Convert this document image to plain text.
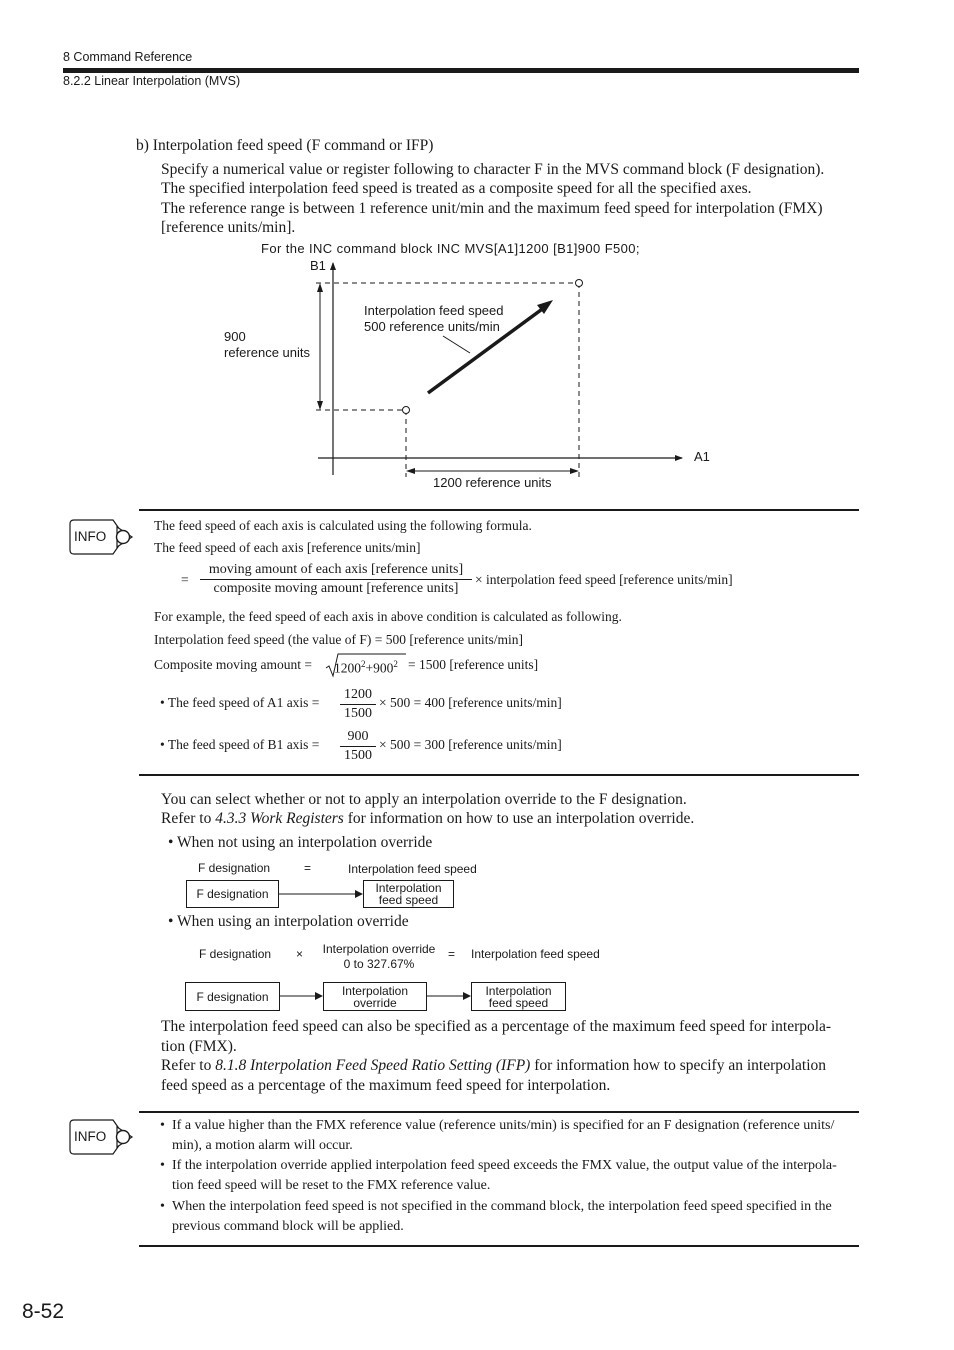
8 Command Reference
8.2.2 Linear Interpolation (MVS)
b) Interpolation feed speed (F command or IFP)
Specify a numerical value or register following to character F in the MVS command block (F designation).
The specified interpolation feed speed is treated as a composite speed for all the specified axes.
The reference range is between 1 reference unit/min and the maximum feed speed for interpolation (FMX)
[reference units/min].
For the INC command block INC MVS[A1]1200 [B1]900 F500;
B1
A1
Interpolation feed speed
500 reference units/min
900
reference units
1200 reference units
INFO
The feed speed of each axis is calculated using the following formula.
The feed speed of each axis [reference units/min]
=
moving amount of each axis [reference units]
composite moving amount [reference units]
× interpolation feed speed [reference units/min]
For example, the feed speed of each axis in above condition is calculated as following.
Interpolation feed speed (the value of F) = 500 [reference units/min]
Composite moving amount = $1200^2+900^2 = 1500$ [reference units]
• The feed speed of A1 axis =
1200
1500
× 500 = 400 [reference units/min]
• The feed speed of B1 axis =
900
1500
× 500 = 300 [reference units/min]
You can select whether or not to apply an interpolation override to the F designation.
Refer to 4.3.3 Work Registers for information on how to use an interpolation override.
• When not using an interpolation override
F designation	=	Interpolation feed speed
F designation	Interpolation
feed speed
• When using an interpolation override
F designation × Interpolation override
0 to 327.67%
= Interpolation feed speed
F designation	Interpolation
override
Interpolation
feed speed
The interpolation feed speed can also be specified as a percentage of the maximum feed speed for interpola-
tion (FMX).
Refer to 8.1.8 Interpolation Feed Speed Ratio Setting (IFP) for information how to specify an interpolation
feed speed as a percentage of the maximum feed speed for interpolation.
INFO
• If a value higher than the FMX reference value (reference units/min) is specified for an F designation (reference units/ min), a motion alarm will occur.
• If the interpolation override applied interpolation feed speed exceeds the FMX value, the output value of the interpola- tion feed speed will be reset to the FMX reference value.
• When the interpolation feed speed is not specified in the command block, the interpolation feed speed specified in the previous command block will be applied.
8-52
